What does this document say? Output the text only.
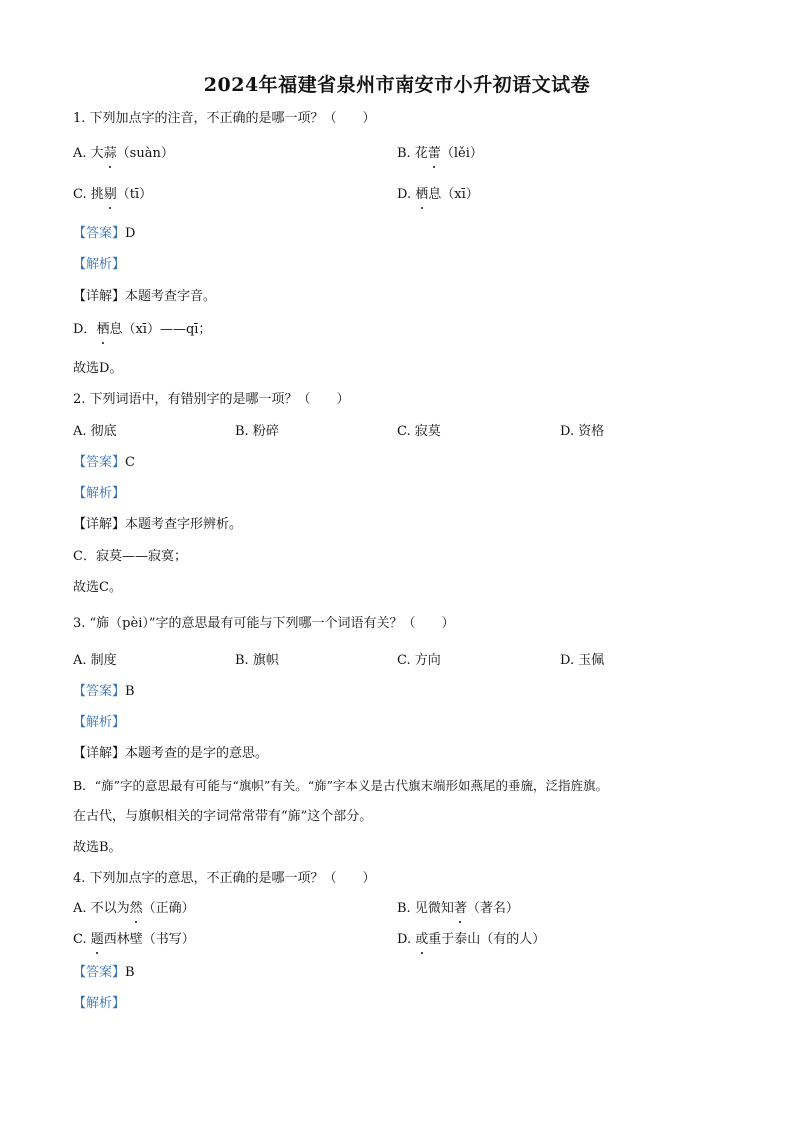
2024年福建省泉州市南安市小升初语文试卷
1. 下列加点字的注音，不正确的是哪一项？（　　）
A. 大蒜（suàn）	B. 花蕾（lěi）
C. 挑剔（tī）	D. 栖息（xī）
【答案】D
【解析】
【详解】本题考查字音。
D．栖息（xī）——qī；
故选D。
2. 下列词语中，有错别字的是哪一项？（　　）
A. 彻底	B. 粉碎	C. 寂莫	D. 资格
【答案】C
【解析】
【详解】本题考查字形辨析。
C．寂莫——寂寞；
故选C。
3. “旆（pèi）”字的意思最有可能与下列哪一个词语有关？（　　）
A. 制度	B. 旗帜	C. 方向	D. 玉佩
【答案】B
【解析】
【详解】本题考查的是字的意思。
B．“旆”字的意思最有可能与“旗帜”有关。“旆”字本义是古代旗末端形如燕尾的垂旒，泛指旌旗。
在古代，与旗帜相关的字词常常带有“旆”这个部分。
故选B。
4. 下列加点字的意思，不正确的是哪一项？（　　）
A. 不以为然（正确）	B. 见微知著（著名）
C. 题西林壁（书写）	D. 或重于泰山（有的人）
【答案】B
【解析】
